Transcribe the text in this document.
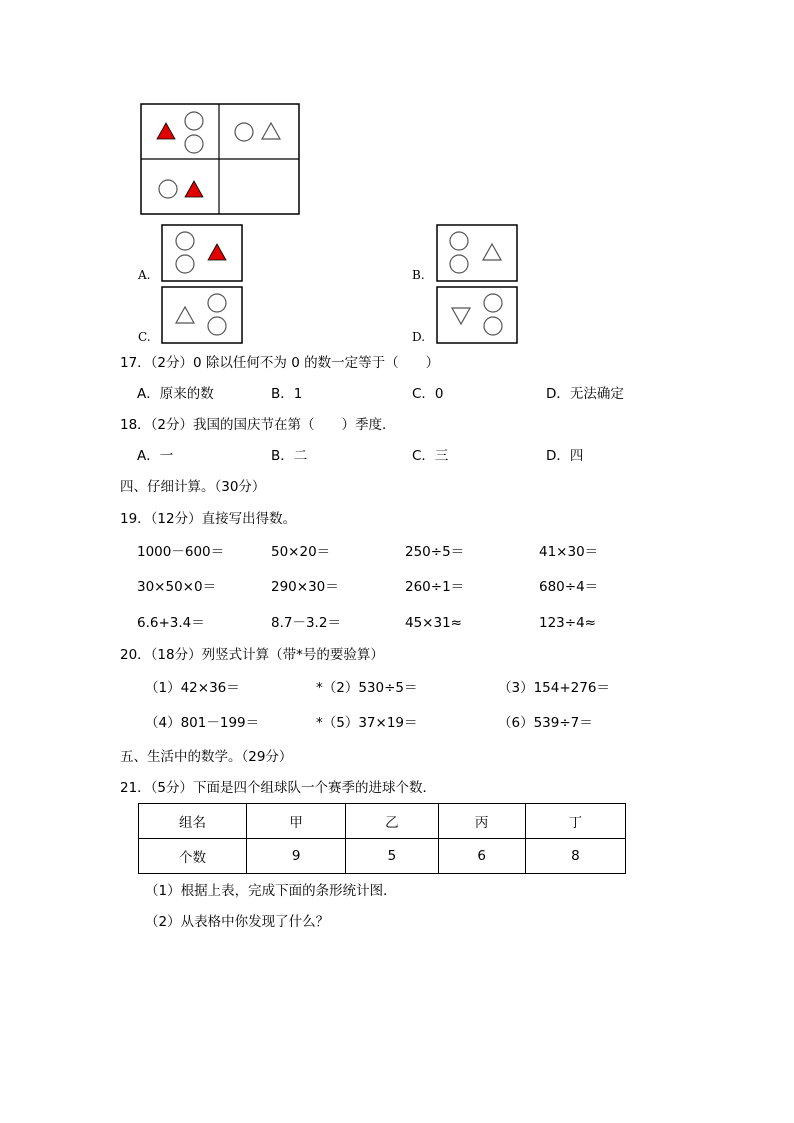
A.	B.
C.	D.
17．（2分）0 除以任何不为 0 的数一定等于（　　）
A．原来的数	B．1	C．0	D．无法确定
18．（2分）我国的国庆节在第（　　）季度．
A．一	B．二	C．三	D．四
四、仔细计算。（30分）
19．（12分）直接写出得数。
1000－600＝	50×20＝	250÷5＝	41×30＝
30×50×0＝	290×30＝	260÷1＝	680÷4＝
6.6+3.4＝	8.7－3.2＝	45×31≈	123÷4≈
20．（18分）列竖式计算（带*号的要验算）
（1）42×36＝	*（2）530÷5＝	（3）154+276＝
（4）801－199＝	*（5）37×19＝	（6）539÷7＝
五、生活中的数学。（29分）
21．（5分）下面是四个组球队一个赛季的进球个数．
组名	甲	乙	丙	丁
个数	9	5	6	8
（1）根据上表，完成下面的条形统计图．
（2）从表格中你发现了什么？
